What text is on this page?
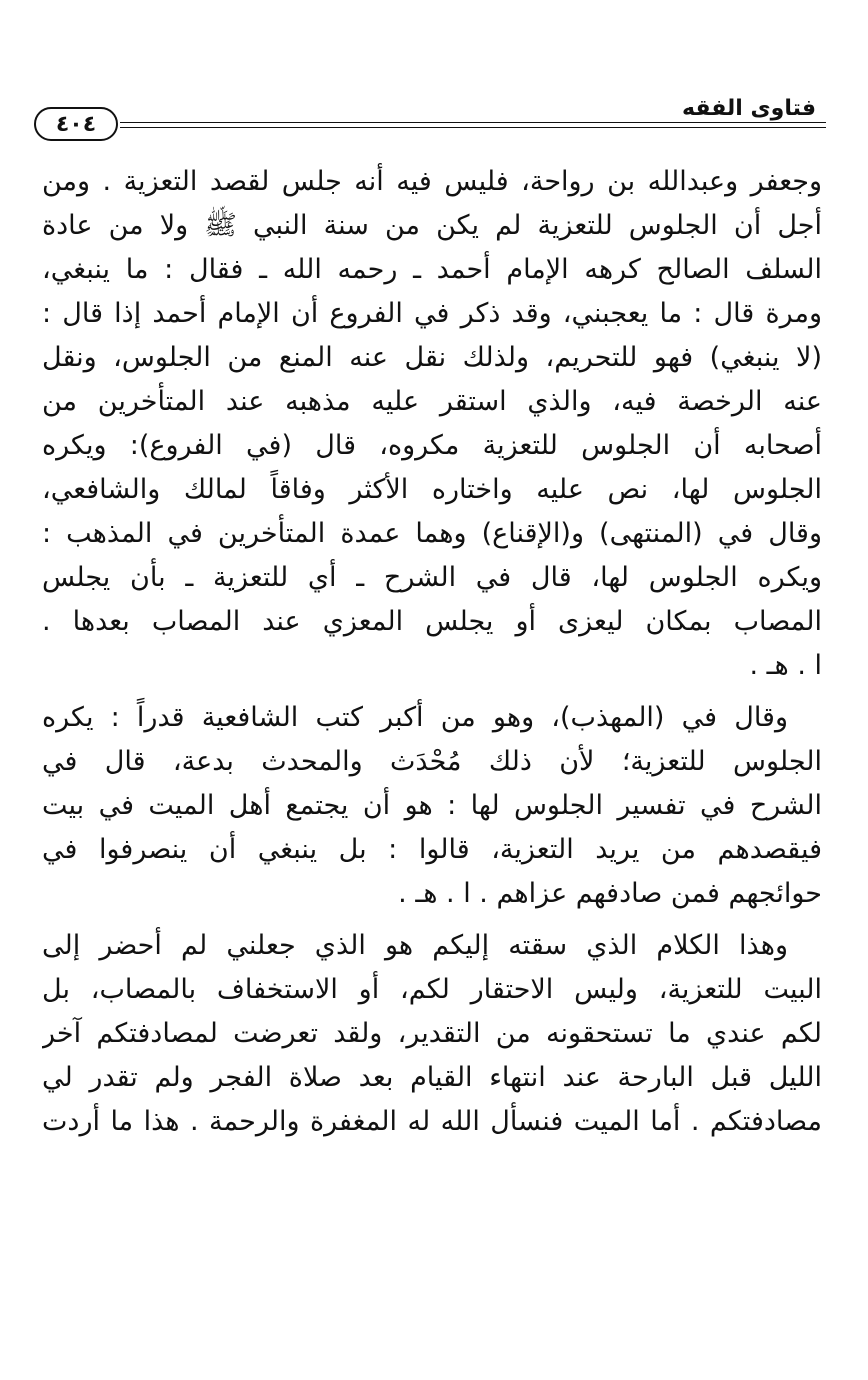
فتاوى الفقه
٤٠٤
وجعفر وعبدالله بن رواحة، فليس فيه أنه جلس لقصد التعزية . ومن
أجل أن الجلوس للتعزية لم يكن من سنة النبي ﷺ ولا من عادة
السلف الصالح كرهه الإمام أحمد ـ رحمه الله ـ فقال : ما ينبغي،
ومرة قال : ما يعجبني، وقد ذكر في الفروع أن الإمام أحمد إذا قال :
(لا ينبغي) فهو للتحريم، ولذلك نقل عنه المنع من الجلوس، ونقل
عنه الرخصة فيه، والذي استقر عليه مذهبه عند المتأخرين من
أصحابه أن الجلوس للتعزية مكروه، قال (في الفروع): ويكره
الجلوس لها، نص عليه واختاره الأكثر وفاقاً لمالك والشافعي،
وقال في (المنتهى) و(الإقناع) وهما عمدة المتأخرين في المذهب :
ويكره الجلوس لها، قال في الشرح ـ أي للتعزية ـ بأن يجلس
المصاب بمكان ليعزى أو يجلس المعزي عند المصاب بعدها .
ا . هـ .
وقال في (المهذب)، وهو من أكبر كتب الشافعية قدراً : يكره
الجلوس للتعزية؛ لأن ذلك مُحْدَث والمحدث بدعة، قال في
الشرح في تفسير الجلوس لها : هو أن يجتمع أهل الميت في بيت
فيقصدهم من يريد التعزية، قالوا : بل ينبغي أن ينصرفوا في
حوائجهم فمن صادفهم عزاهم . ا . هـ .
وهذا الكلام الذي سقته إليكم هو الذي جعلني لم أحضر إلى
البيت للتعزية، وليس الاحتقار لكم، أو الاستخفاف بالمصاب، بل
لكم عندي ما تستحقونه من التقدير، ولقد تعرضت لمصادفتكم آخر
الليل قبل البارحة عند انتهاء القيام بعد صلاة الفجر ولم تقدر لي
مصادفتكم . أما الميت فنسأل الله له المغفرة والرحمة . هذا ما أردت
